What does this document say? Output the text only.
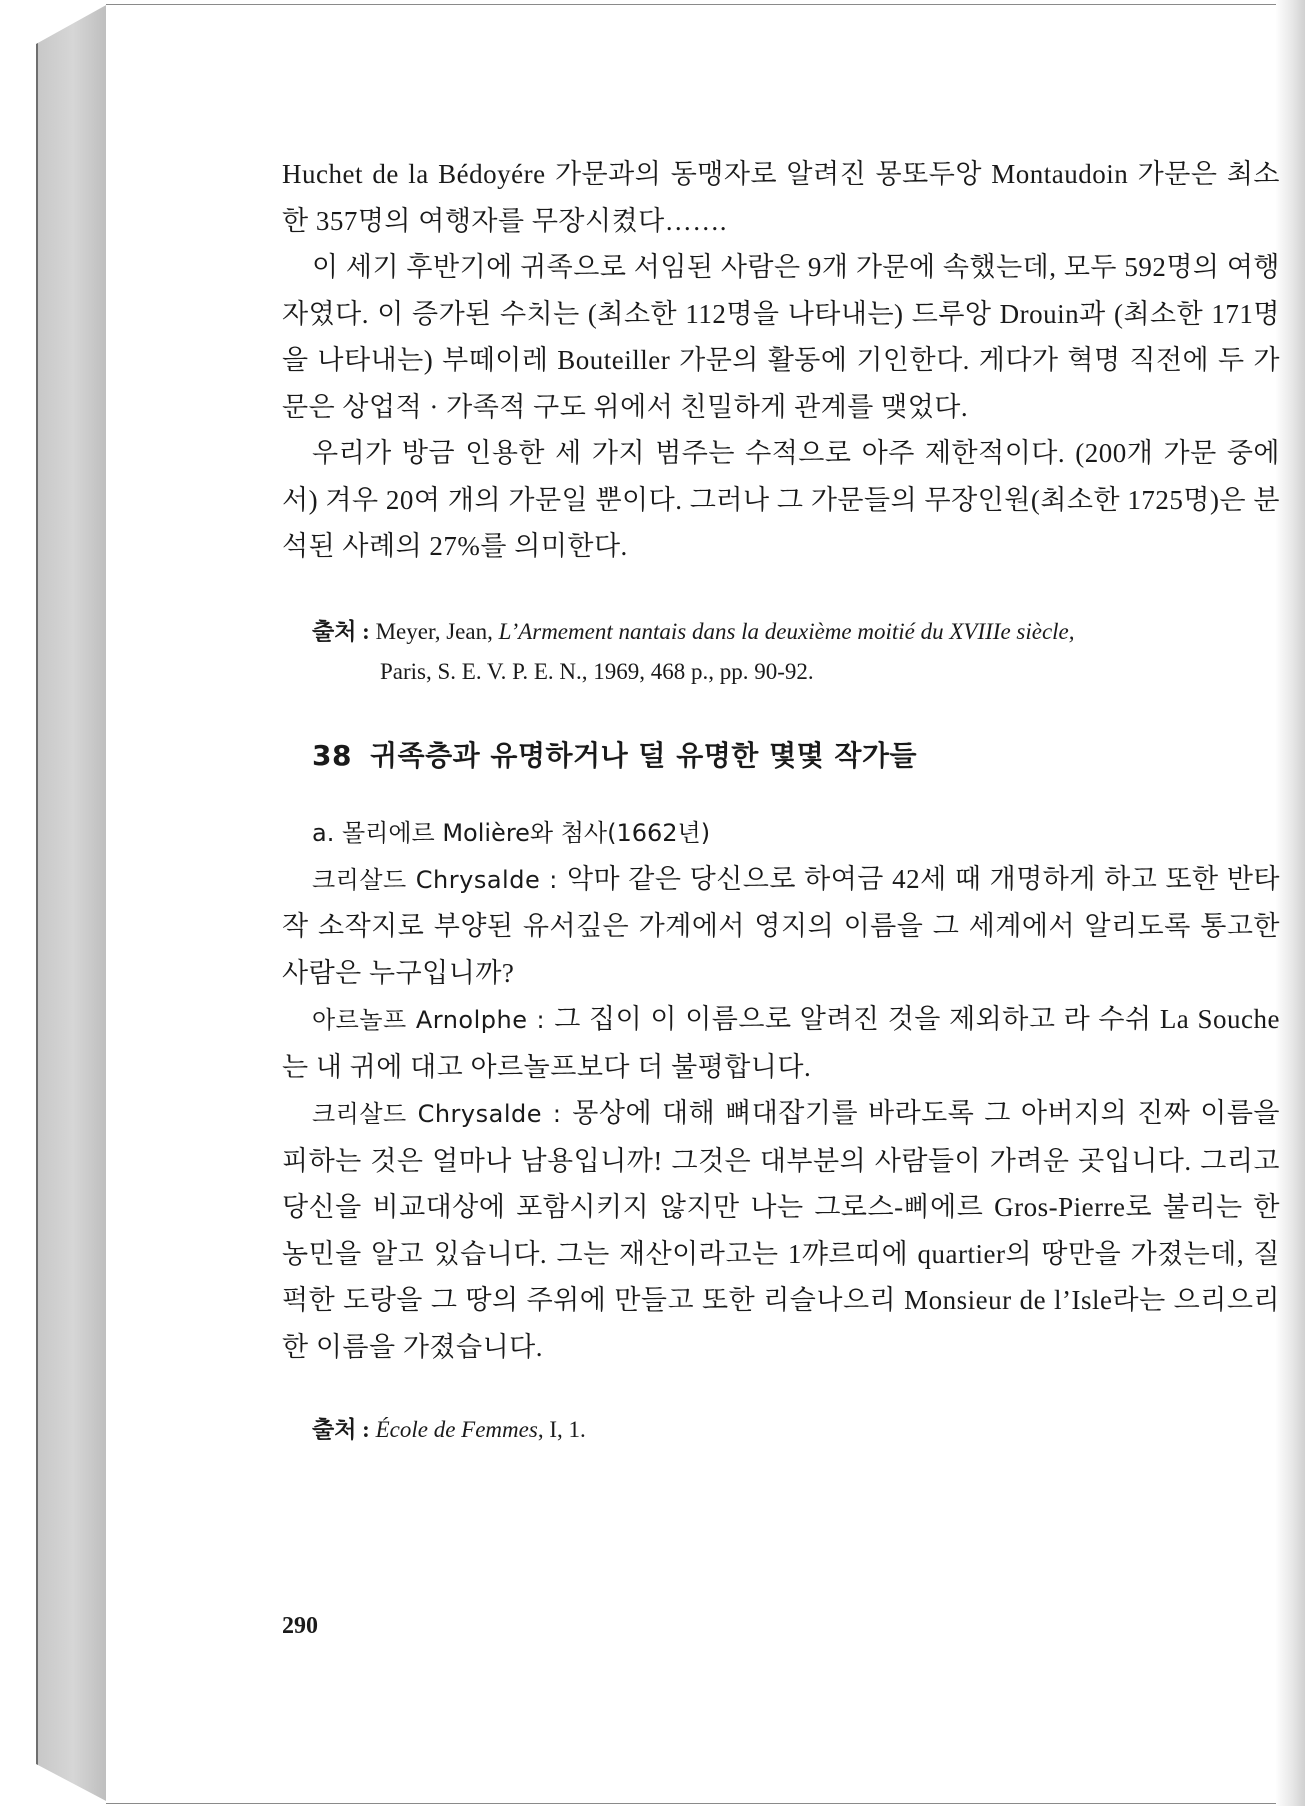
Huchet de la Bédoyére 가문과의 동맹자로 알려진 몽또두앙 Montaudoin 가문은 최소한 357명의 여행자를 무장시켰다…….

이 세기 후반기에 귀족으로 서임된 사람은 9개 가문에 속했는데, 모두 592명의 여행자였다. 이 증가된 수치는 (최소한 112명을 나타내는) 드루앙 Drouin과 (최소한 171명을 나타내는) 부떼이레 Bouteiller 가문의 활동에 기인한다. 게다가 혁명 직전에 두 가문은 상업적 · 가족적 구도 위에서 친밀하게 관계를 맺었다.

우리가 방금 인용한 세 가지 범주는 수적으로 아주 제한적이다. (200개 가문 중에서) 겨우 20여 개의 가문일 뿐이다. 그러나 그 가문들의 무장인원(최소한 1725명)은 분석된 사례의 27%를 의미한다.

출처 : Meyer, Jean, L’Armement nantais dans la deuxième moitié du XVIIIe siècle,
Paris, S. E. V. P. E. N., 1969, 468 p., pp. 90-92.

38 귀족층과 유명하거나 덜 유명한 몇몇 작가들

a. 몰리에르 Molière와 첨사(1662년)

크리살드 Chrysalde : 악마 같은 당신으로 하여금 42세 때 개명하게 하고 또한 반타작 소작지로 부양된 유서깊은 가계에서 영지의 이름을 그 세계에서 알리도록 통고한 사람은 누구입니까?

아르놀프 Arnolphe : 그 집이 이 이름으로 알려진 것을 제외하고 라 수쉬 La Souche는 내 귀에 대고 아르놀프보다 더 불평합니다.

크리살드 Chrysalde : 몽상에 대해 뼈대잡기를 바라도록 그 아버지의 진짜 이름을 피하는 것은 얼마나 남용입니까! 그것은 대부분의 사람들이 가려운 곳입니다. 그리고 당신을 비교대상에 포함시키지 않지만 나는 그로스-삐에르 Gros-Pierre로 불리는 한 농민을 알고 있습니다. 그는 재산이라고는 1꺄르띠에 quartier의 땅만을 가졌는데, 질퍽한 도랑을 그 땅의 주위에 만들고 또한 리슬나으리 Monsieur de l’Isle라는 으리으리한 이름을 가졌습니다.

출처 : École de Femmes, I, 1.

290
